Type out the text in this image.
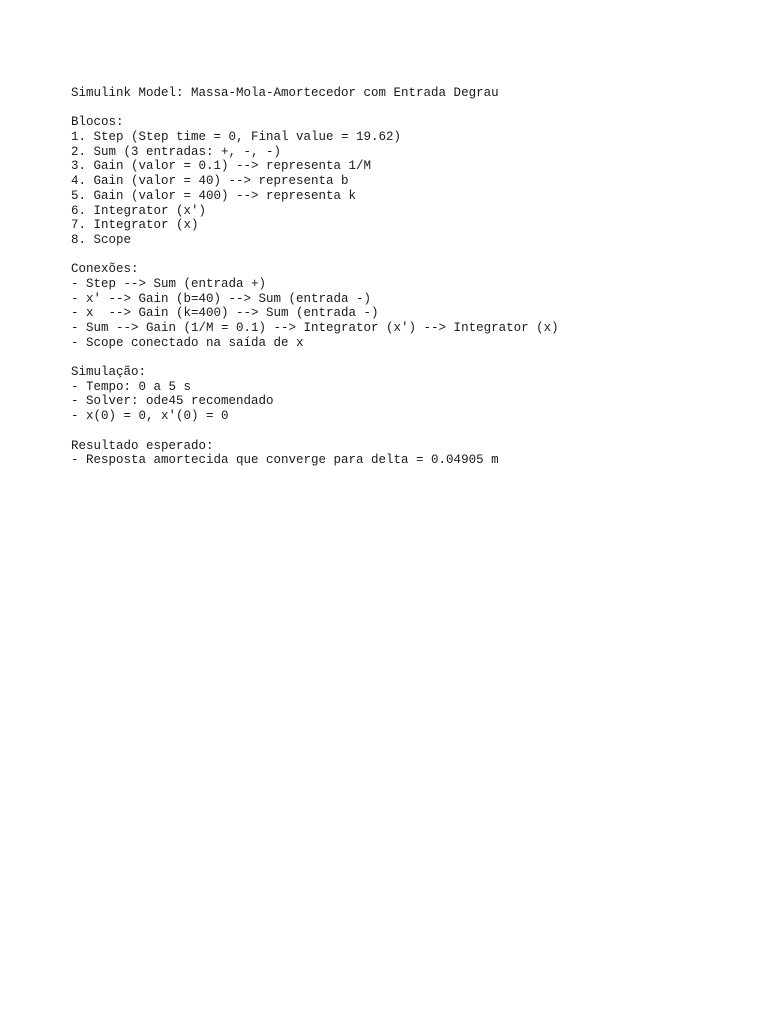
Simulink Model: Massa-Mola-Amortecedor com Entrada Degrau
Blocos:
1. Step (Step time = 0, Final value = 19.62)
2. Sum (3 entradas: +, -, -)
3. Gain (valor = 0.1) --> representa 1/M
4. Gain (valor = 40) --> representa b
5. Gain (valor = 400) --> representa k
6. Integrator (x')
7. Integrator (x)
8. Scope
Conexões:
- Step --> Sum (entrada +)
- x' --> Gain (b=40) --> Sum (entrada -)
- x  --> Gain (k=400) --> Sum (entrada -)
- Sum --> Gain (1/M = 0.1) --> Integrator (x') --> Integrator (x)
- Scope conectado na saída de x
Simulação:
- Tempo: 0 a 5 s
- Solver: ode45 recomendado
- x(0) = 0, x'(0) = 0
Resultado esperado:
- Resposta amortecida que converge para delta = 0.04905 m
